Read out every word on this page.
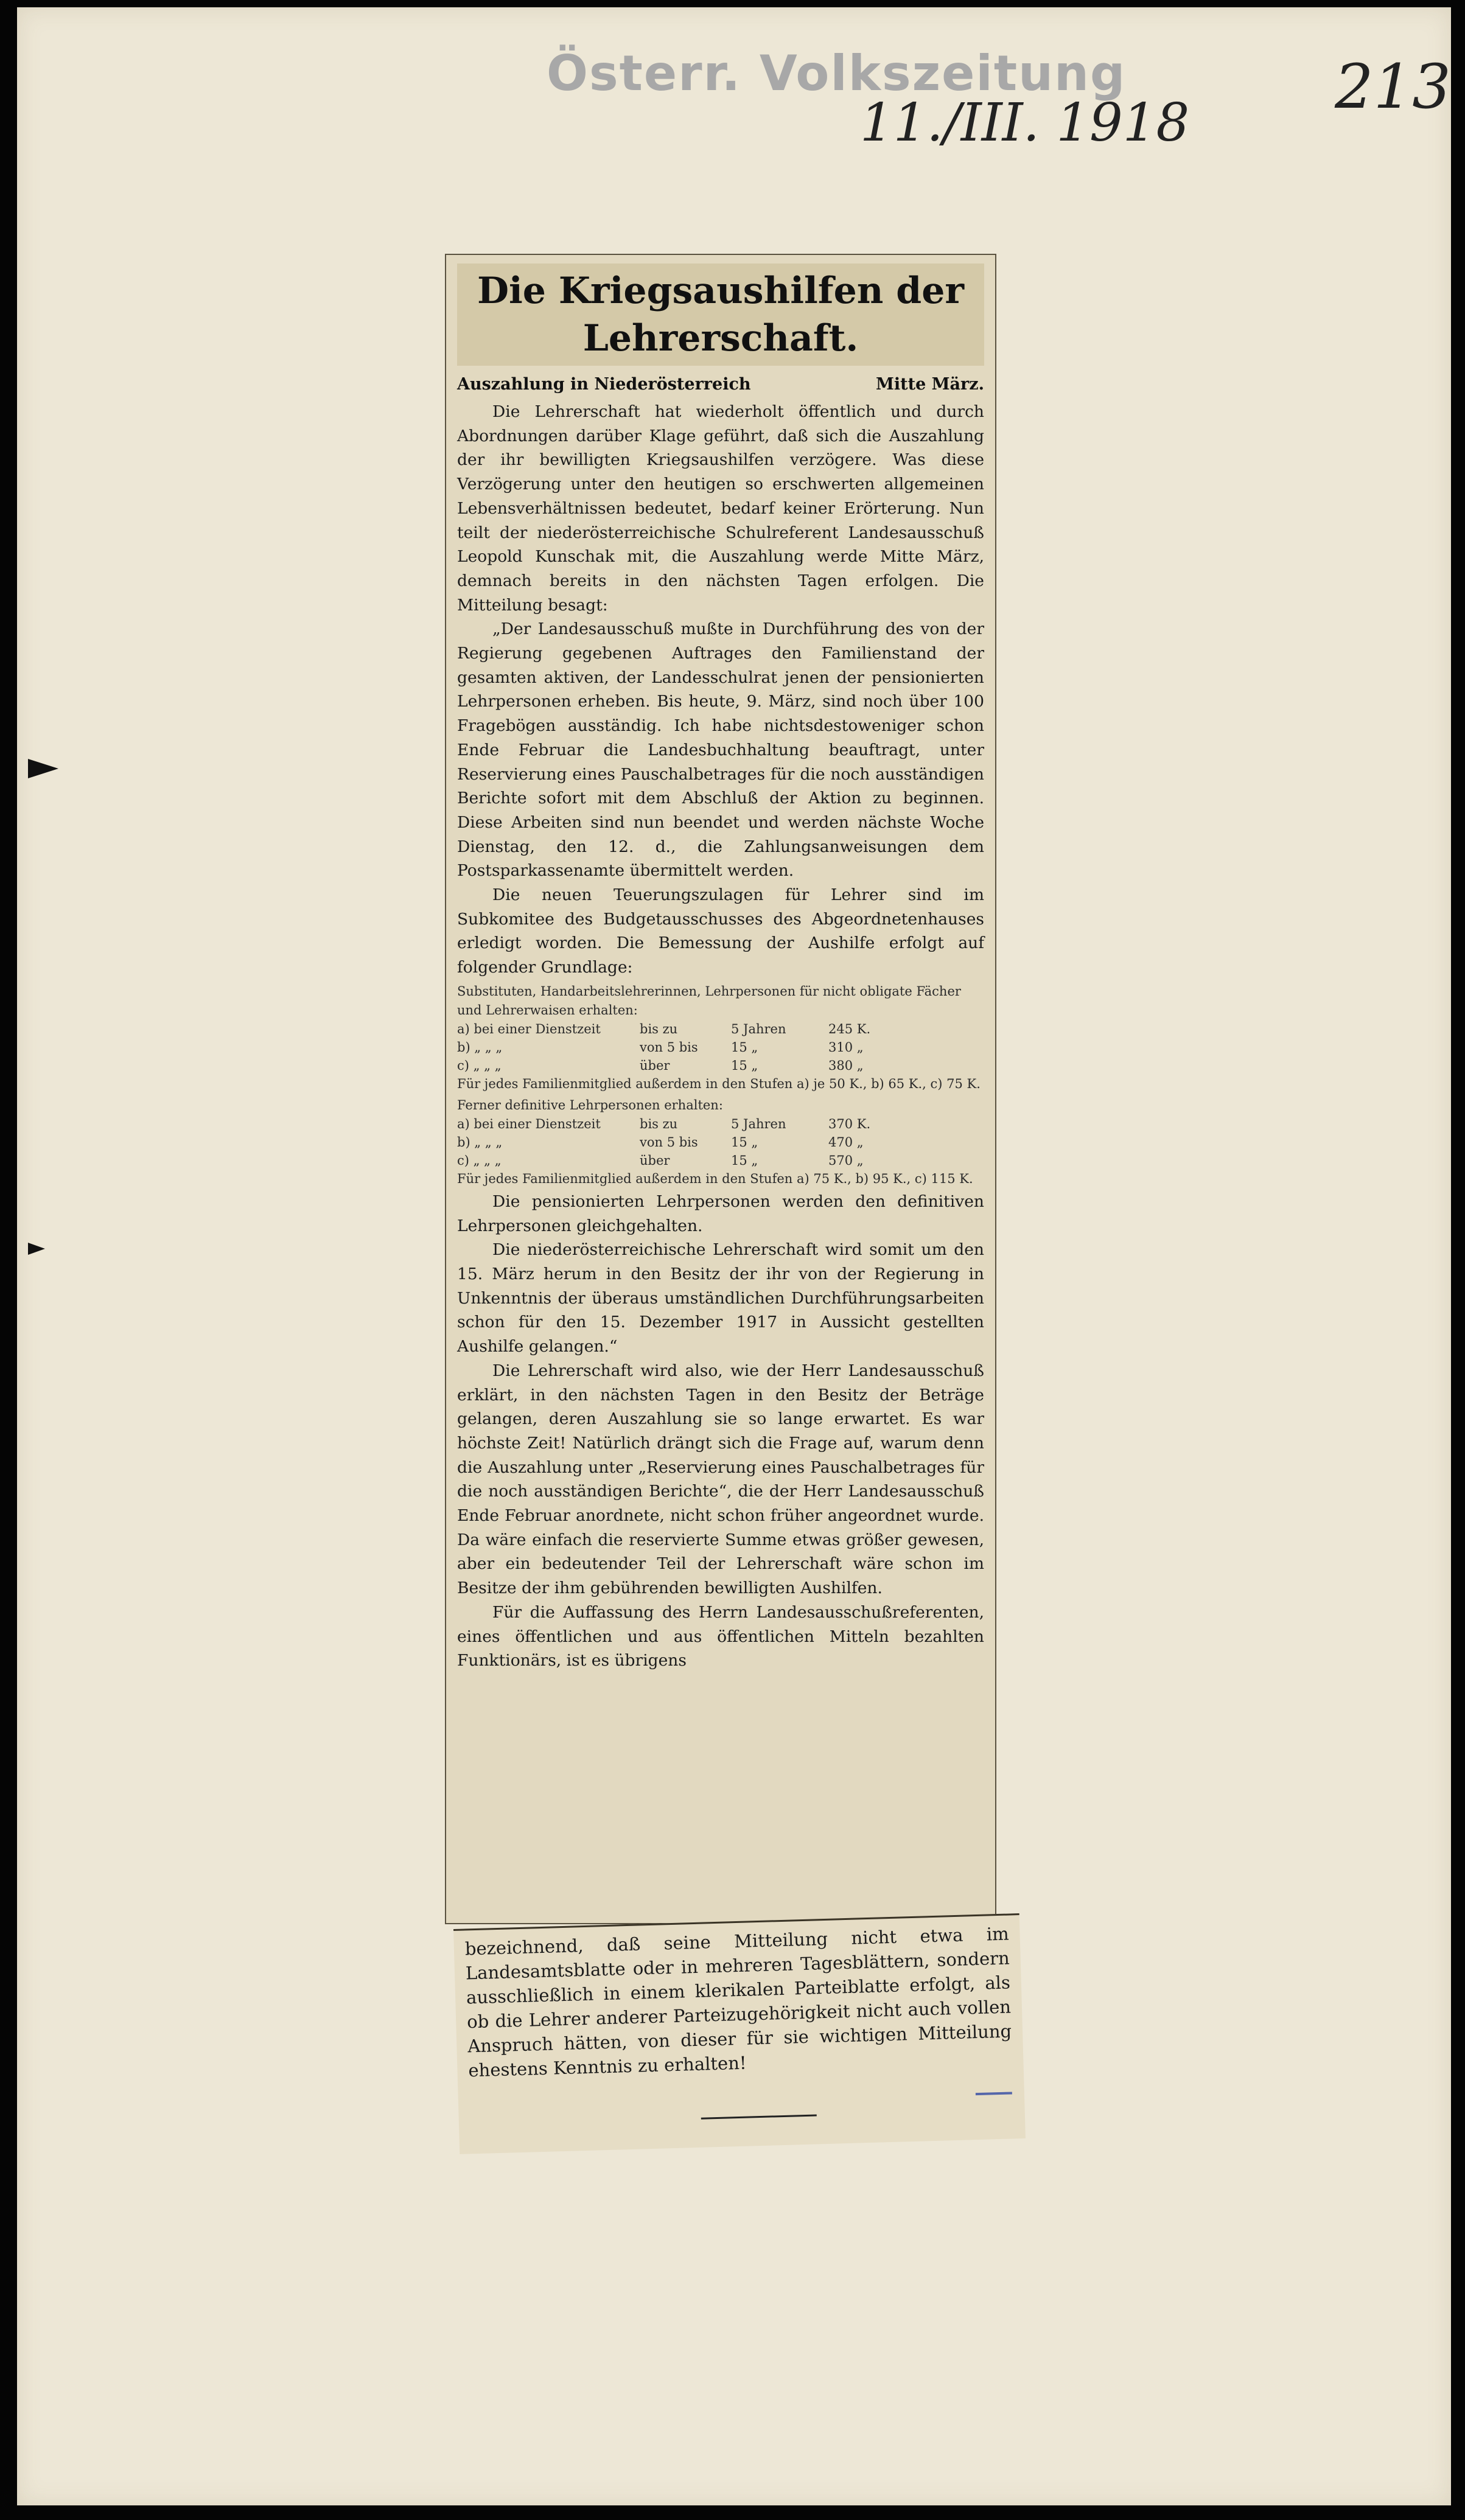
Österr. Volkszeitung
11./III. 1918
213
Die Kriegsaushilfen der
Lehrerschaft.
Auszahlung in Niederösterreich	Mitte März.

Die Lehrerschaft hat wiederholt öffentlich und durch Abordnungen darüber Klage geführt, daß sich die Auszahlung der ihr bewilligten Kriegsaushilfen verzögere. Was diese Verzögerung unter den heutigen so erschwerten allgemeinen Lebensverhältnissen bedeutet, bedarf keiner Erörterung. Nun teilt der niederösterreichische Schulreferent Landesausschuß Leopold Kunschak mit, die Auszahlung werde Mitte März, demnach bereits in den nächsten Tagen erfolgen. Die Mitteilung besagt:

„Der Landesausschuß mußte in Durchführung des von der Regierung gegebenen Auftrages den Familienstand der gesamten aktiven, der Landesschulrat jenen der pensionierten Lehrpersonen erheben. Bis heute, 9. März, sind noch über 100 Fragebögen ausständig. Ich habe nichtsdestoweniger schon Ende Februar die Landesbuchhaltung beauftragt, unter Reservierung eines Pauschalbetrages für die noch ausständigen Berichte sofort mit dem Abschluß der Aktion zu beginnen. Diese Arbeiten sind nun beendet und werden nächste Woche Dienstag, den 12. d., die Zahlungsanweisungen dem Postsparkassenamte übermittelt werden.

Die neuen Teuerungszulagen für Lehrer sind im Subkomitee des Budgetausschusses des Abgeordnetenhauses erledigt worden. Die Bemessung der Aushilfe erfolgt auf folgender Grundlage:

Substituten, Handarbeitslehrerinnen, Lehrpersonen für nicht obligate Fächer und Lehrerwaisen erhalten:

a) bei einer Dienstzeit	bis zu	5 Jahren	245 K.
b) „ „ „	von 5 bis	15 „	310 „
c) „ „ „	über	15 „	380 „

Für jedes Familienmitglied außerdem in den Stufen a) je 50 K., b) 65 K., c) 75 K.

Ferner definitive Lehrpersonen erhalten:

a) bei einer Dienstzeit	bis zu	5 Jahren	370 K.
b) „ „ „	von 5 bis	15 „	470 „
c) „ „ „	über	15 „	570 „

Für jedes Familienmitglied außerdem in den Stufen a) 75 K., b) 95 K., c) 115 K.

Die pensionierten Lehrpersonen werden den definitiven Lehrpersonen gleichgehalten.

Die niederösterreichische Lehrerschaft wird somit um den 15. März herum in den Besitz der ihr von der Regierung in Unkenntnis der überaus umständlichen Durchführungsarbeiten schon für den 15. Dezember 1917 in Aussicht gestellten Aushilfe gelangen.“

Die Lehrerschaft wird also, wie der Herr Landesausschuß erklärt, in den nächsten Tagen in den Besitz der Beträge gelangen, deren Auszahlung sie so lange erwartet. Es war höchste Zeit! Natürlich drängt sich die Frage auf, warum denn die Auszahlung unter „Reservierung eines Pauschalbetrages für die noch ausständigen Berichte“, die der Herr Landesausschuß Ende Februar anordnete, nicht schon früher angeordnet wurde. Da wäre einfach die reservierte Summe etwas größer gewesen, aber ein bedeutender Teil der Lehrerschaft wäre schon im Besitze der ihm gebührenden bewilligten Aushilfen.

Für die Auffassung des Herrn Landesausschußreferenten, eines öffentlichen und aus öffentlichen Mitteln bezahlten Funktionärs, ist es übrigens

bezeichnend, daß seine Mitteilung nicht etwa im Landesamtsblatte oder in mehreren Tagesblättern, sondern ausschließlich in einem klerikalen Parteiblatte erfolgt, als ob die Lehrer anderer Parteizugehörigkeit nicht auch vollen Anspruch hätten, von dieser für sie wichtigen Mitteilung ehestens Kenntnis zu erhalten!
